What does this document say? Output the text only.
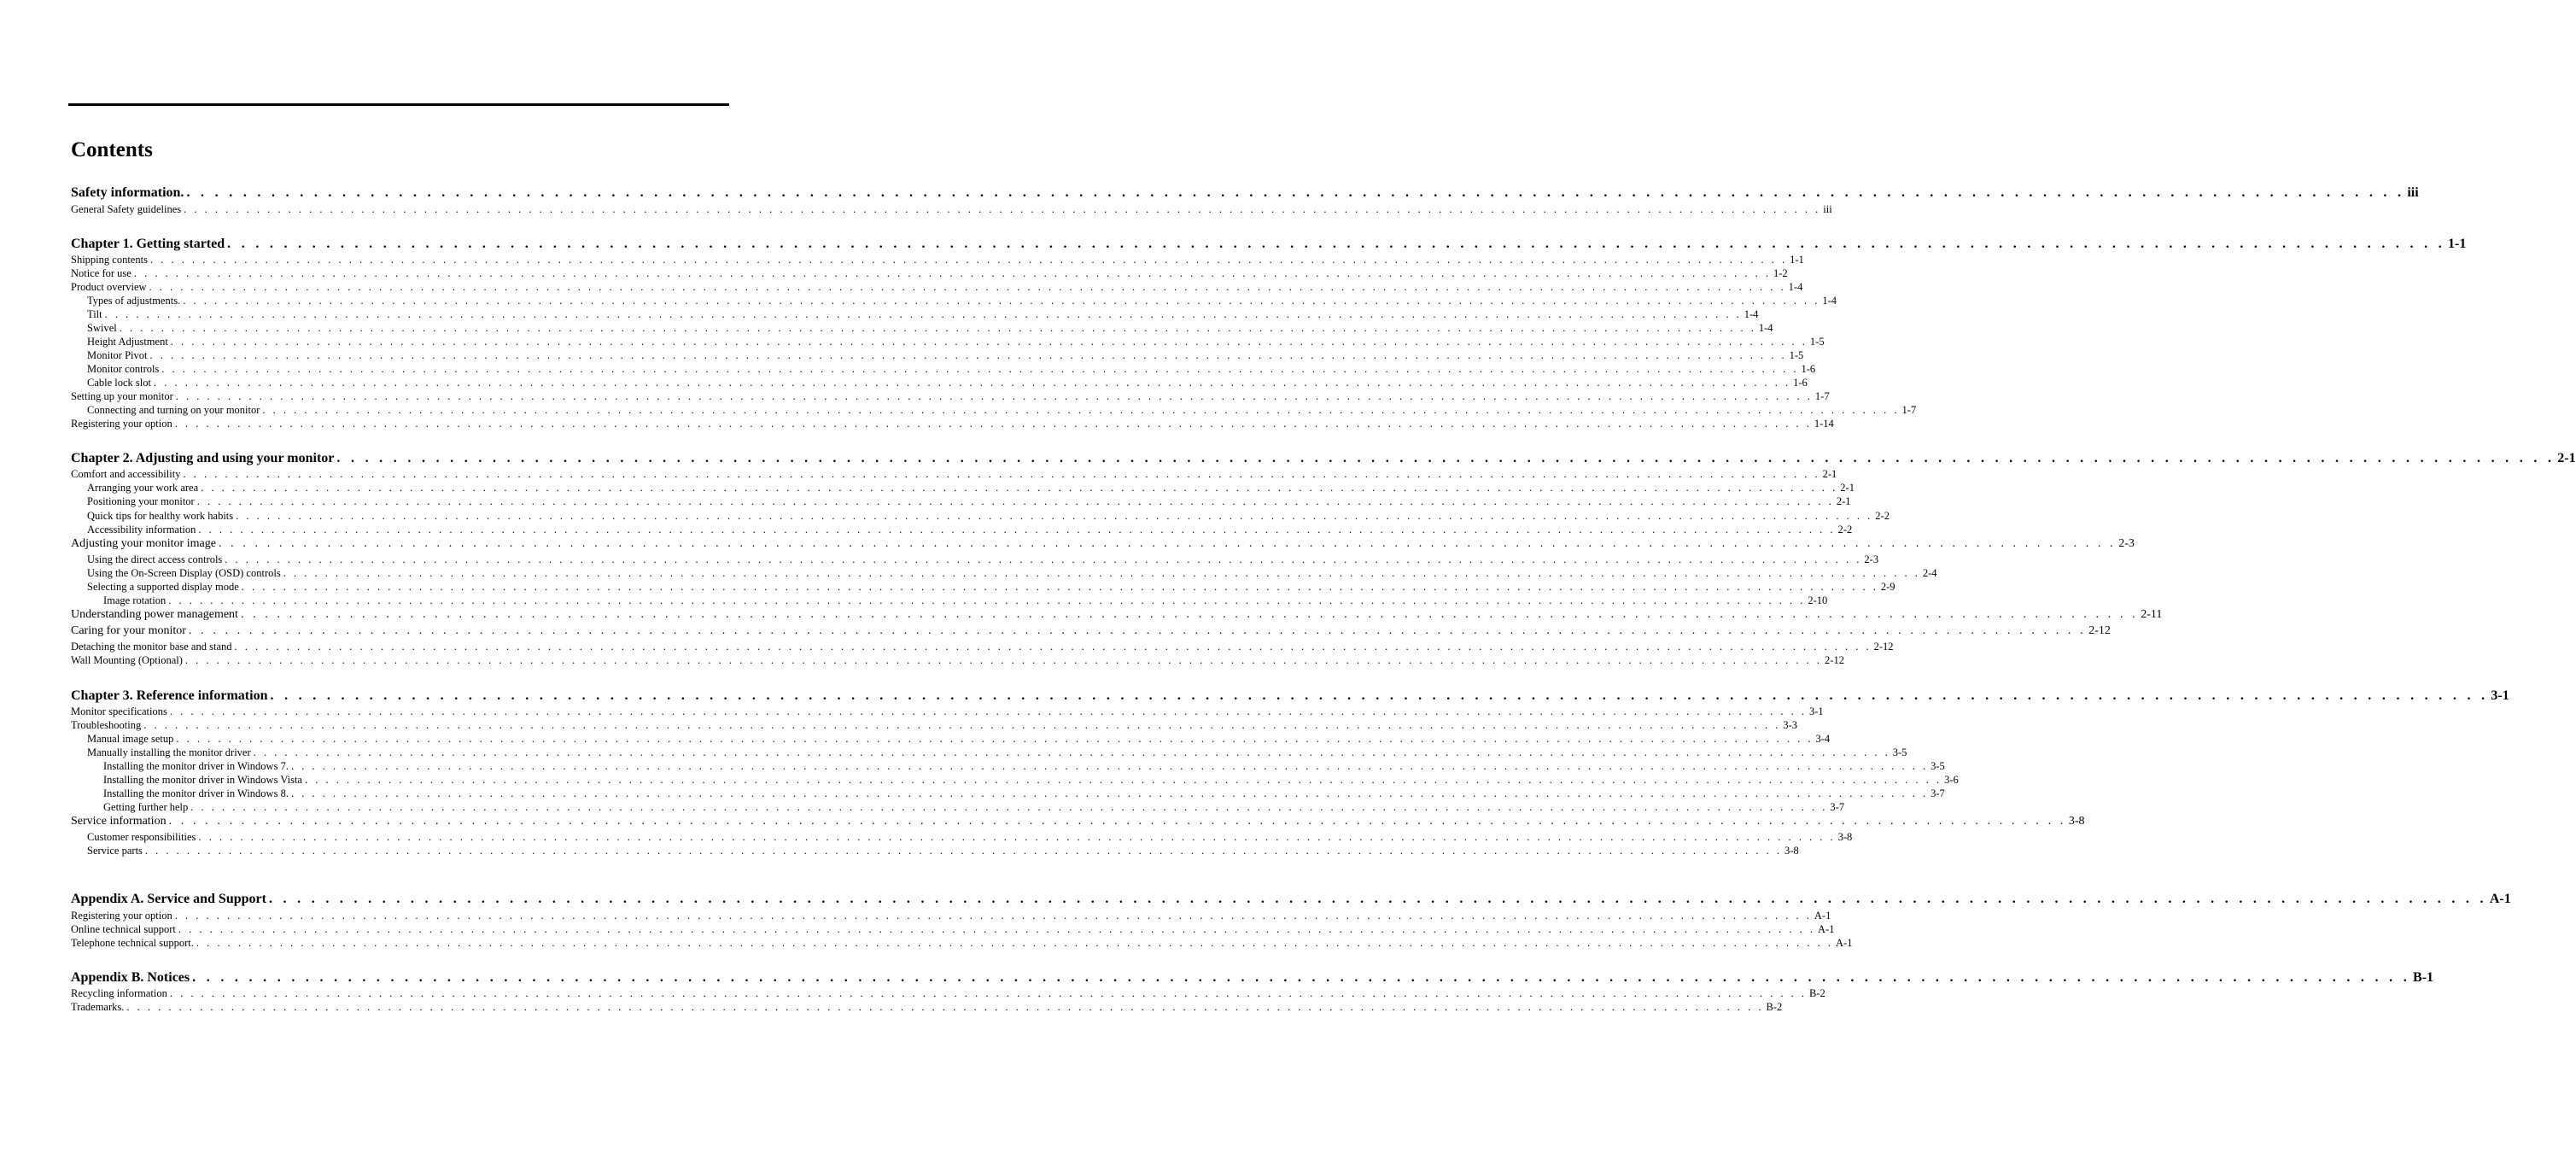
Contents
Safety information. . . . . . . . . . . . . . . . . . . . . . . . . . . . . . . . . . . . . . . . . . . . . . . . . . . . . . . . . . . . . . . . . . . . . . . . . . . . . . . . . . . . . . . . . . . . . . . . . . . . . . . . . . . . . . . . . . . . . . . . . . . . . . . . . . . . . . . . . . . . . . . . . . . . . . . . . . . . . . iii
General Safety guidelines . . . . . . . . . . . . . . . . . . . . . . . . . . . . . . . . . . . . . . . . . . . . . . . . . . . . . . . . . . . . . . . . . . . . . . . . . . . . . . . . . . . . . . . . . . . . . . . . . . . . . . . . . . . . . . . . . . . . . . . . . . . . . . . . . . . . . . . . . . . . . . . . . . . . . . . . . . . . . iii
Chapter 1. Getting started . . . . . . . . . . . . . . . . . . . . . . . . . . . . . . . . . . . . . . . . . . . . . . . . . . . . . . . . . . . . . . . . . . . . . . . . . . . . . . . . . . . . . . . . . . . . . . . . . . . . . . . . . . . . . . . . . . . . . . . . . . . . . . . . . . . . . . . . . . . . . . . . . . . . . . . . . . . . . 1-1
Shipping contents . . . . . . . . . . . . . . . . . . . . . . . . . . . . . . . . . . . . . . . . . . . . . . . . . . . . . . . . . . . . . . . . . . . . . . . . . . . . . . . . . . . . . . . . . . . . . . . . . . . . . . . . . . . . . . . . . . . . . . . . . . . . . . . . . . . . . . . . . . . . . . . . . . . . . . . . . . . . . 1-1
Notice for use . . . . . . . . . . . . . . . . . . . . . . . . . . . . . . . . . . . . . . . . . . . . . . . . . . . . . . . . . . . . . . . . . . . . . . . . . . . . . . . . . . . . . . . . . . . . . . . . . . . . . . . . . . . . . . . . . . . . . . . . . . . . . . . . . . . . . . . . . . . . . . . . . . . . . . . . . . . . . 1-2
Product overview . . . . . . . . . . . . . . . . . . . . . . . . . . . . . . . . . . . . . . . . . . . . . . . . . . . . . . . . . . . . . . . . . . . . . . . . . . . . . . . . . . . . . . . . . . . . . . . . . . . . . . . . . . . . . . . . . . . . . . . . . . . . . . . . . . . . . . . . . . . . . . . . . . . . . . . . . . . . . 1-4
Types of adjustments. . . . . . . . . . . . . . . . . . . . . . . . . . . . . . . . . . . . . . . . . . . . . . . . . . . . . . . . . . . . . . . . . . . . . . . . . . . . . . . . . . . . . . . . . . . . . . . . . . . . . . . . . . . . . . . . . . . . . . . . . . . . . . . . . . . . . . . . . . . . . . . . . . . . . . . . . . . . . . 1-4
Tilt . . . . . . . . . . . . . . . . . . . . . . . . . . . . . . . . . . . . . . . . . . . . . . . . . . . . . . . . . . . . . . . . . . . . . . . . . . . . . . . . . . . . . . . . . . . . . . . . . . . . . . . . . . . . . . . . . . . . . . . . . . . . . . . . . . . . . . . . . . . . . . . . . . . . . . . . . . . . . 1-4
Swivel . . . . . . . . . . . . . . . . . . . . . . . . . . . . . . . . . . . . . . . . . . . . . . . . . . . . . . . . . . . . . . . . . . . . . . . . . . . . . . . . . . . . . . . . . . . . . . . . . . . . . . . . . . . . . . . . . . . . . . . . . . . . . . . . . . . . . . . . . . . . . . . . . . . . . . . . . . . . . 1-4
Height Adjustment . . . . . . . . . . . . . . . . . . . . . . . . . . . . . . . . . . . . . . . . . . . . . . . . . . . . . . . . . . . . . . . . . . . . . . . . . . . . . . . . . . . . . . . . . . . . . . . . . . . . . . . . . . . . . . . . . . . . . . . . . . . . . . . . . . . . . . . . . . . . . . . . . . . . . . . . . . . . . 1-5
Monitor Pivot . . . . . . . . . . . . . . . . . . . . . . . . . . . . . . . . . . . . . . . . . . . . . . . . . . . . . . . . . . . . . . . . . . . . . . . . . . . . . . . . . . . . . . . . . . . . . . . . . . . . . . . . . . . . . . . . . . . . . . . . . . . . . . . . . . . . . . . . . . . . . . . . . . . . . . . . . . . . . 1-5
Monitor controls . . . . . . . . . . . . . . . . . . . . . . . . . . . . . . . . . . . . . . . . . . . . . . . . . . . . . . . . . . . . . . . . . . . . . . . . . . . . . . . . . . . . . . . . . . . . . . . . . . . . . . . . . . . . . . . . . . . . . . . . . . . . . . . . . . . . . . . . . . . . . . . . . . . . . . . . . . . . . 1-6
Cable lock slot . . . . . . . . . . . . . . . . . . . . . . . . . . . . . . . . . . . . . . . . . . . . . . . . . . . . . . . . . . . . . . . . . . . . . . . . . . . . . . . . . . . . . . . . . . . . . . . . . . . . . . . . . . . . . . . . . . . . . . . . . . . . . . . . . . . . . . . . . . . . . . . . . . . . . . . . . . . . . 1-6
Setting up your monitor . . . . . . . . . . . . . . . . . . . . . . . . . . . . . . . . . . . . . . . . . . . . . . . . . . . . . . . . . . . . . . . . . . . . . . . . . . . . . . . . . . . . . . . . . . . . . . . . . . . . . . . . . . . . . . . . . . . . . . . . . . . . . . . . . . . . . . . . . . . . . . . . . . . . . . . . . . . . . 1-7
Connecting and turning on your monitor . . . . . . . . . . . . . . . . . . . . . . . . . . . . . . . . . . . . . . . . . . . . . . . . . . . . . . . . . . . . . . . . . . . . . . . . . . . . . . . . . . . . . . . . . . . . . . . . . . . . . . . . . . . . . . . . . . . . . . . . . . . . . . . . . . . . . . . . . . . . . . . . . . . . . . . . . . . . . 1-7
Registering your option . . . . . . . . . . . . . . . . . . . . . . . . . . . . . . . . . . . . . . . . . . . . . . . . . . . . . . . . . . . . . . . . . . . . . . . . . . . . . . . . . . . . . . . . . . . . . . . . . . . . . . . . . . . . . . . . . . . . . . . . . . . . . . . . . . . . . . . . . . . . . . . . . . . . . . . . . . . . . 1-14
Chapter 2. Adjusting and using your monitor . . . . . . . . . . . . . . . . . . . . . . . . . . . . . . . . . . . . . . . . . . . . . . . . . . . . . . . . . . . . . . . . . . . . . . . . . . . . . . . . . . . . . . . . . . . . . . . . . . . . . . . . . . . . . . . . . . . . . . . . . . . . . . . . . . . . . . . . . . . . . . . . . . . . . . . . . . . . . 2-1
Comfort and accessibility . . . . . . . . . . . . . . . . . . . . . . . . . . . . . . . . . . . . . . . . . . . . . . . . . . . . . . . . . . . . . . . . . . . . . . . . . . . . . . . . . . . . . . . . . . . . . . . . . . . . . . . . . . . . . . . . . . . . . . . . . . . . . . . . . . . . . . . . . . . . . . . . . . . . . . . . . . . . . 2-1
Arranging your work area . . . . . . . . . . . . . . . . . . . . . . . . . . . . . . . . . . . . . . . . . . . . . . . . . . . . . . . . . . . . . . . . . . . . . . . . . . . . . . . . . . . . . . . . . . . . . . . . . . . . . . . . . . . . . . . . . . . . . . . . . . . . . . . . . . . . . . . . . . . . . . . . . . . . . . . . . . . . . 2-1
Positioning your monitor . . . . . . . . . . . . . . . . . . . . . . . . . . . . . . . . . . . . . . . . . . . . . . . . . . . . . . . . . . . . . . . . . . . . . . . . . . . . . . . . . . . . . . . . . . . . . . . . . . . . . . . . . . . . . . . . . . . . . . . . . . . . . . . . . . . . . . . . . . . . . . . . . . . . . . . . . . . . . 2-1
Quick tips for healthy work habits . . . . . . . . . . . . . . . . . . . . . . . . . . . . . . . . . . . . . . . . . . . . . . . . . . . . . . . . . . . . . . . . . . . . . . . . . . . . . . . . . . . . . . . . . . . . . . . . . . . . . . . . . . . . . . . . . . . . . . . . . . . . . . . . . . . . . . . . . . . . . . . . . . . . . . . . . . . . . 2-2
Accessibility information . . . . . . . . . . . . . . . . . . . . . . . . . . . . . . . . . . . . . . . . . . . . . . . . . . . . . . . . . . . . . . . . . . . . . . . . . . . . . . . . . . . . . . . . . . . . . . . . . . . . . . . . . . . . . . . . . . . . . . . . . . . . . . . . . . . . . . . . . . . . . . . . . . . . . . . . . . . . . 2-2
Adjusting your monitor image . . . . . . . . . . . . . . . . . . . . . . . . . . . . . . . . . . . . . . . . . . . . . . . . . . . . . . . . . . . . . . . . . . . . . . . . . . . . . . . . . . . . . . . . . . . . . . . . . . . . . . . . . . . . . . . . . . . . . . . . . . . . . . . . . . . . . . . . . . . . . . . . . . . . . . . . . . . . . 2-3
Using the direct access controls . . . . . . . . . . . . . . . . . . . . . . . . . . . . . . . . . . . . . . . . . . . . . . . . . . . . . . . . . . . . . . . . . . . . . . . . . . . . . . . . . . . . . . . . . . . . . . . . . . . . . . . . . . . . . . . . . . . . . . . . . . . . . . . . . . . . . . . . . . . . . . . . . . . . . . . . . . . . . 2-3
Using the On-Screen Display (OSD) controls . . . . . . . . . . . . . . . . . . . . . . . . . . . . . . . . . . . . . . . . . . . . . . . . . . . . . . . . . . . . . . . . . . . . . . . . . . . . . . . . . . . . . . . . . . . . . . . . . . . . . . . . . . . . . . . . . . . . . . . . . . . . . . . . . . . . . . . . . . . . . . . . . . . . . . . . . . . . . 2-4
Selecting a supported display mode . . . . . . . . . . . . . . . . . . . . . . . . . . . . . . . . . . . . . . . . . . . . . . . . . . . . . . . . . . . . . . . . . . . . . . . . . . . . . . . . . . . . . . . . . . . . . . . . . . . . . . . . . . . . . . . . . . . . . . . . . . . . . . . . . . . . . . . . . . . . . . . . . . . . . . . . . . . . . 2-9
Image rotation . . . . . . . . . . . . . . . . . . . . . . . . . . . . . . . . . . . . . . . . . . . . . . . . . . . . . . . . . . . . . . . . . . . . . . . . . . . . . . . . . . . . . . . . . . . . . . . . . . . . . . . . . . . . . . . . . . . . . . . . . . . . . . . . . . . . . . . . . . . . . . . . . . . . . . . . . . . . . 2-10
Understanding power management . . . . . . . . . . . . . . . . . . . . . . . . . . . . . . . . . . . . . . . . . . . . . . . . . . . . . . . . . . . . . . . . . . . . . . . . . . . . . . . . . . . . . . . . . . . . . . . . . . . . . . . . . . . . . . . . . . . . . . . . . . . . . . . . . . . . . . . . . . . . . . . . . . . . . . . . . . . . . 2-11
Caring for your monitor . . . . . . . . . . . . . . . . . . . . . . . . . . . . . . . . . . . . . . . . . . . . . . . . . . . . . . . . . . . . . . . . . . . . . . . . . . . . . . . . . . . . . . . . . . . . . . . . . . . . . . . . . . . . . . . . . . . . . . . . . . . . . . . . . . . . . . . . . . . . . . . . . . . . . . . . . . . . . 2-12
Detaching the monitor base and stand . . . . . . . . . . . . . . . . . . . . . . . . . . . . . . . . . . . . . . . . . . . . . . . . . . . . . . . . . . . . . . . . . . . . . . . . . . . . . . . . . . . . . . . . . . . . . . . . . . . . . . . . . . . . . . . . . . . . . . . . . . . . . . . . . . . . . . . . . . . . . . . . . . . . . . . . . . . . . 2-12
Wall Mounting (Optional) . . . . . . . . . . . . . . . . . . . . . . . . . . . . . . . . . . . . . . . . . . . . . . . . . . . . . . . . . . . . . . . . . . . . . . . . . . . . . . . . . . . . . . . . . . . . . . . . . . . . . . . . . . . . . . . . . . . . . . . . . . . . . . . . . . . . . . . . . . . . . . . . . . . . . . . . . . . . . 2-12
Chapter 3. Reference information . . . . . . . . . . . . . . . . . . . . . . . . . . . . . . . . . . . . . . . . . . . . . . . . . . . . . . . . . . . . . . . . . . . . . . . . . . . . . . . . . . . . . . . . . . . . . . . . . . . . . . . . . . . . . . . . . . . . . . . . . . . . . . . . . . . . . . . . . . . . . . . . . . . . . . . . . . . . . 3-1
Monitor specifications . . . . . . . . . . . . . . . . . . . . . . . . . . . . . . . . . . . . . . . . . . . . . . . . . . . . . . . . . . . . . . . . . . . . . . . . . . . . . . . . . . . . . . . . . . . . . . . . . . . . . . . . . . . . . . . . . . . . . . . . . . . . . . . . . . . . . . . . . . . . . . . . . . . . . . . . . . . . . 3-1
Troubleshooting . . . . . . . . . . . . . . . . . . . . . . . . . . . . . . . . . . . . . . . . . . . . . . . . . . . . . . . . . . . . . . . . . . . . . . . . . . . . . . . . . . . . . . . . . . . . . . . . . . . . . . . . . . . . . . . . . . . . . . . . . . . . . . . . . . . . . . . . . . . . . . . . . . . . . . . . . . . . . 3-3
Manual image setup . . . . . . . . . . . . . . . . . . . . . . . . . . . . . . . . . . . . . . . . . . . . . . . . . . . . . . . . . . . . . . . . . . . . . . . . . . . . . . . . . . . . . . . . . . . . . . . . . . . . . . . . . . . . . . . . . . . . . . . . . . . . . . . . . . . . . . . . . . . . . . . . . . . . . . . . . . . . . 3-4
Manually installing the monitor driver . . . . . . . . . . . . . . . . . . . . . . . . . . . . . . . . . . . . . . . . . . . . . . . . . . . . . . . . . . . . . . . . . . . . . . . . . . . . . . . . . . . . . . . . . . . . . . . . . . . . . . . . . . . . . . . . . . . . . . . . . . . . . . . . . . . . . . . . . . . . . . . . . . . . . . . . . . . . . 3-5
Installing the monitor driver in Windows 7. . . . . . . . . . . . . . . . . . . . . . . . . . . . . . . . . . . . . . . . . . . . . . . . . . . . . . . . . . . . . . . . . . . . . . . . . . . . . . . . . . . . . . . . . . . . . . . . . . . . . . . . . . . . . . . . . . . . . . . . . . . . . . . . . . . . . . . . . . . . . . . . . . . . . . . . . . . . . . 3-5
Installing the monitor driver in Windows Vista . . . . . . . . . . . . . . . . . . . . . . . . . . . . . . . . . . . . . . . . . . . . . . . . . . . . . . . . . . . . . . . . . . . . . . . . . . . . . . . . . . . . . . . . . . . . . . . . . . . . . . . . . . . . . . . . . . . . . . . . . . . . . . . . . . . . . . . . . . . . . . . . . . . . . . . . . . . . . 3-6
Installing the monitor driver in Windows 8. . . . . . . . . . . . . . . . . . . . . . . . . . . . . . . . . . . . . . . . . . . . . . . . . . . . . . . . . . . . . . . . . . . . . . . . . . . . . . . . . . . . . . . . . . . . . . . . . . . . . . . . . . . . . . . . . . . . . . . . . . . . . . . . . . . . . . . . . . . . . . . . . . . . . . . . . . . . . . 3-7
Getting further help . . . . . . . . . . . . . . . . . . . . . . . . . . . . . . . . . . . . . . . . . . . . . . . . . . . . . . . . . . . . . . . . . . . . . . . . . . . . . . . . . . . . . . . . . . . . . . . . . . . . . . . . . . . . . . . . . . . . . . . . . . . . . . . . . . . . . . . . . . . . . . . . . . . . . . . . . . . . . 3-7
Service information . . . . . . . . . . . . . . . . . . . . . . . . . . . . . . . . . . . . . . . . . . . . . . . . . . . . . . . . . . . . . . . . . . . . . . . . . . . . . . . . . . . . . . . . . . . . . . . . . . . . . . . . . . . . . . . . . . . . . . . . . . . . . . . . . . . . . . . . . . . . . . . . . . . . . . . . . . . . . 3-8
Customer responsibilities . . . . . . . . . . . . . . . . . . . . . . . . . . . . . . . . . . . . . . . . . . . . . . . . . . . . . . . . . . . . . . . . . . . . . . . . . . . . . . . . . . . . . . . . . . . . . . . . . . . . . . . . . . . . . . . . . . . . . . . . . . . . . . . . . . . . . . . . . . . . . . . . . . . . . . . . . . . . . 3-8
Service parts . . . . . . . . . . . . . . . . . . . . . . . . . . . . . . . . . . . . . . . . . . . . . . . . . . . . . . . . . . . . . . . . . . . . . . . . . . . . . . . . . . . . . . . . . . . . . . . . . . . . . . . . . . . . . . . . . . . . . . . . . . . . . . . . . . . . . . . . . . . . . . . . . . . . . . . . . . . . . 3-8
Appendix A. Service and Support . . . . . . . . . . . . . . . . . . . . . . . . . . . . . . . . . . . . . . . . . . . . . . . . . . . . . . . . . . . . . . . . . . . . . . . . . . . . . . . . . . . . . . . . . . . . . . . . . . . . . . . . . . . . . . . . . . . . . . . . . . . . . . . . . . . . . . . . . . . . . . . . . . . . . . . . . . . . . A-1
Registering your option . . . . . . . . . . . . . . . . . . . . . . . . . . . . . . . . . . . . . . . . . . . . . . . . . . . . . . . . . . . . . . . . . . . . . . . . . . . . . . . . . . . . . . . . . . . . . . . . . . . . . . . . . . . . . . . . . . . . . . . . . . . . . . . . . . . . . . . . . . . . . . . . . . . . . . . . . . . . . A-1
Online technical support . . . . . . . . . . . . . . . . . . . . . . . . . . . . . . . . . . . . . . . . . . . . . . . . . . . . . . . . . . . . . . . . . . . . . . . . . . . . . . . . . . . . . . . . . . . . . . . . . . . . . . . . . . . . . . . . . . . . . . . . . . . . . . . . . . . . . . . . . . . . . . . . . . . . . . . . . . . . . A-1
Telephone technical support. . . . . . . . . . . . . . . . . . . . . . . . . . . . . . . . . . . . . . . . . . . . . . . . . . . . . . . . . . . . . . . . . . . . . . . . . . . . . . . . . . . . . . . . . . . . . . . . . . . . . . . . . . . . . . . . . . . . . . . . . . . . . . . . . . . . . . . . . . . . . . . . . . . . . . . . . . . . . . A-1
Appendix B. Notices . . . . . . . . . . . . . . . . . . . . . . . . . . . . . . . . . . . . . . . . . . . . . . . . . . . . . . . . . . . . . . . . . . . . . . . . . . . . . . . . . . . . . . . . . . . . . . . . . . . . . . . . . . . . . . . . . . . . . . . . . . . . . . . . . . . . . . . . . . . . . . . . . . . . . . . . . . . . . B-1
Recycling information . . . . . . . . . . . . . . . . . . . . . . . . . . . . . . . . . . . . . . . . . . . . . . . . . . . . . . . . . . . . . . . . . . . . . . . . . . . . . . . . . . . . . . . . . . . . . . . . . . . . . . . . . . . . . . . . . . . . . . . . . . . . . . . . . . . . . . . . . . . . . . . . . . . . . . . . . . . . . B-2
Trademarks. . . . . . . . . . . . . . . . . . . . . . . . . . . . . . . . . . . . . . . . . . . . . . . . . . . . . . . . . . . . . . . . . . . . . . . . . . . . . . . . . . . . . . . . . . . . . . . . . . . . . . . . . . . . . . . . . . . . . . . . . . . . . . . . . . . . . . . . . . . . . . . . . . . . . . . . . . . . . . B-2
